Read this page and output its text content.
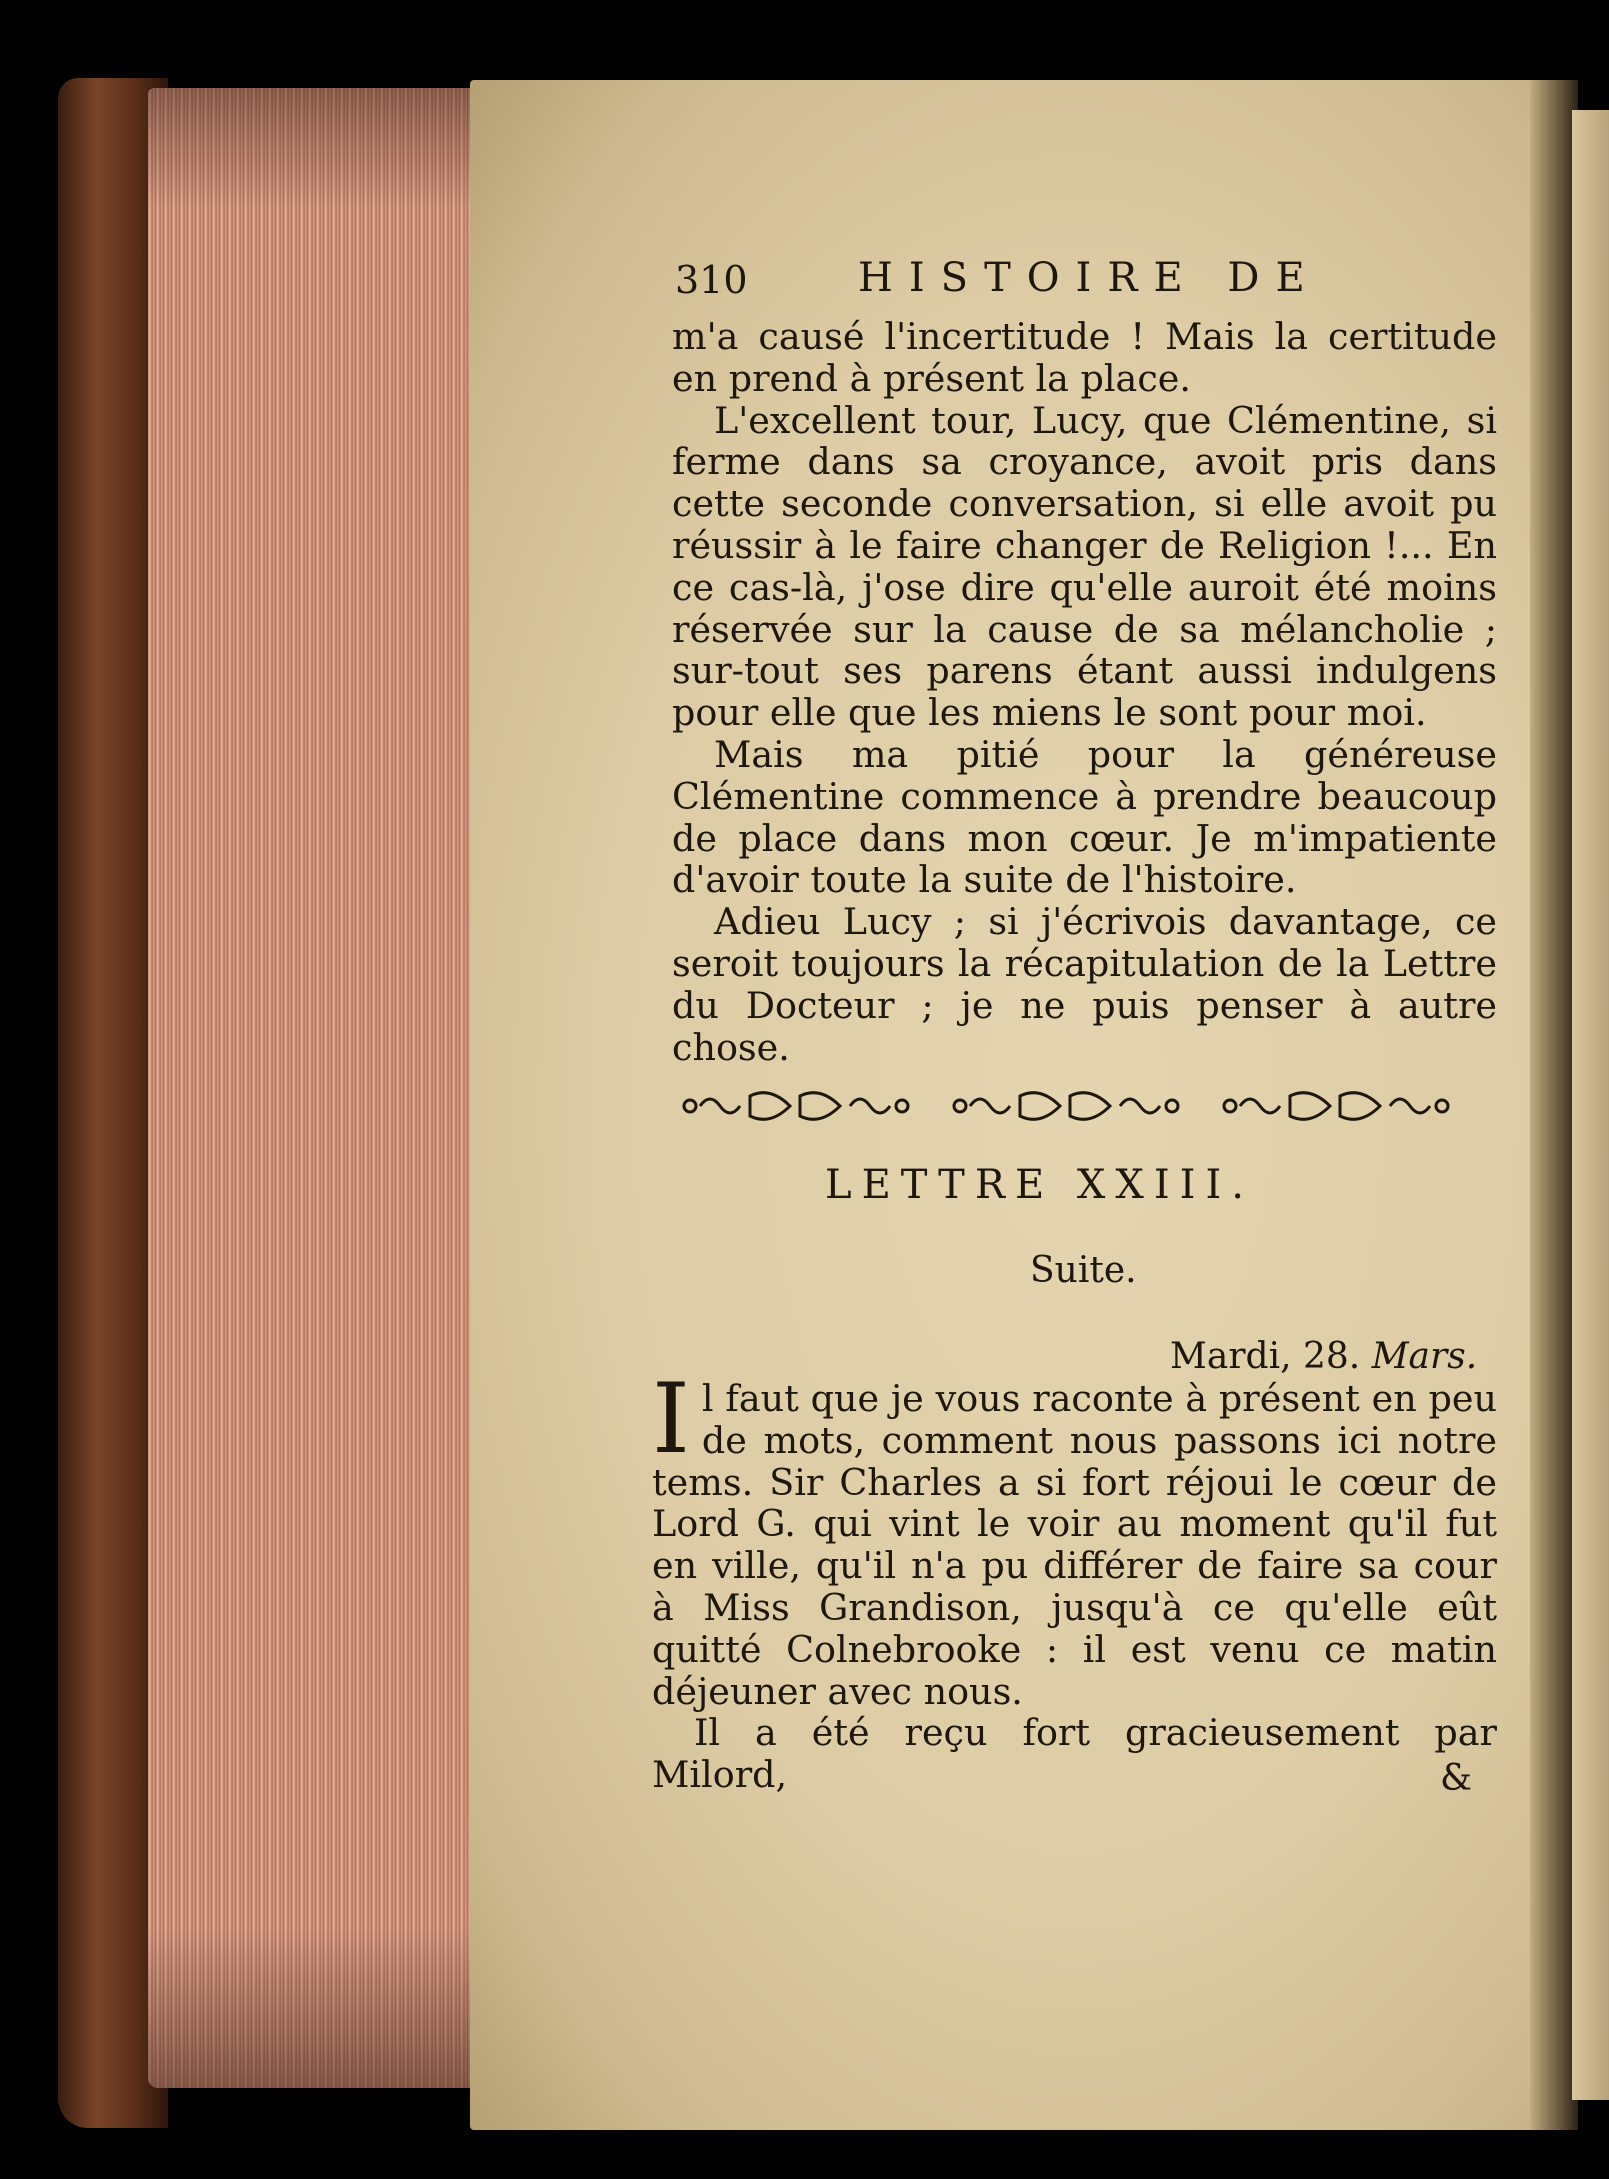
310	HISTOIRE DE

m'a causé l'incertitude ! Mais la certitude en prend à présent la place.

L'excellent tour, Lucy, que Clémentine, si ferme dans sa croyance, avoit pris dans cette seconde conversation, si elle avoit pu réussir à le faire changer de Religion !... En ce cas-là, j'ose dire qu'elle auroit été moins réservée sur la cause de sa mélancholie ; sur-tout ses parens étant aussi indulgens pour elle que les miens le sont pour moi.

Mais ma pitié pour la généreuse Clémentine commence à prendre beaucoup de place dans mon cœur. Je m'impatiente d'avoir toute la suite de l'histoire.

Adieu Lucy ; si j'écrivois davantage, ce seroit toujours la récapitulation de la Lettre du Docteur ; je ne puis penser à autre chose.

LETTRE XXIII.
Suite.
Mardi, 28. Mars.

Il faut que je vous raconte à présent en peu de mots, comment nous passons ici notre tems. Sir Charles a si fort réjoui le cœur de Lord G. qui vint le voir au moment qu'il fut en ville, qu'il n'a pu différer de faire sa cour à Miss Grandison, jusqu'à ce qu'elle eût quitté Colnebrooke : il est venu ce matin déjeuner avec nous.

Il a été reçu fort gracieusement par Milord,	&
